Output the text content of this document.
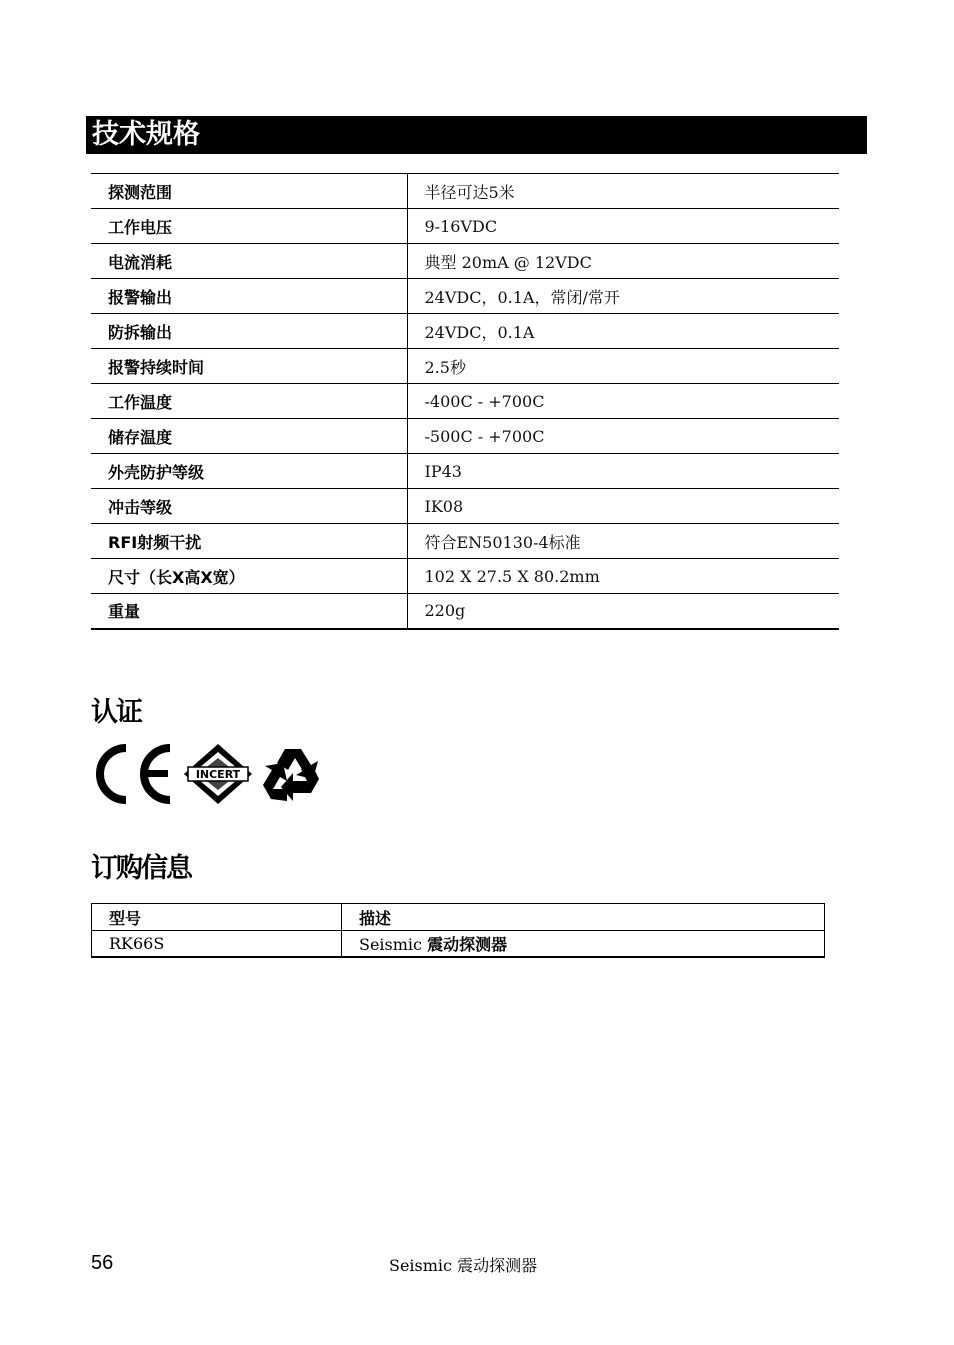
技术规格
探测范围	半径可达5米
工作电压	9-16VDC
电流消耗	典型 20mA @ 12VDC
报警输出	24VDC，0.1A，常闭/常开
防拆输出	24VDC，0.1A
报警持续时间	2.5秒
工作温度	-400C - +700C
储存温度	-500C - +700C
外壳防护等级	IP43
冲击等级	IK08
RFI射频干扰	符合EN50130-4标准
尺寸（长X高X宽）	102 X 27.5 X 80.2mm
重量	220g
认证
INCERT
订购信息
型号	描述
RK66S	Seismic 震动探测器
56	Seismic 震动探测器
